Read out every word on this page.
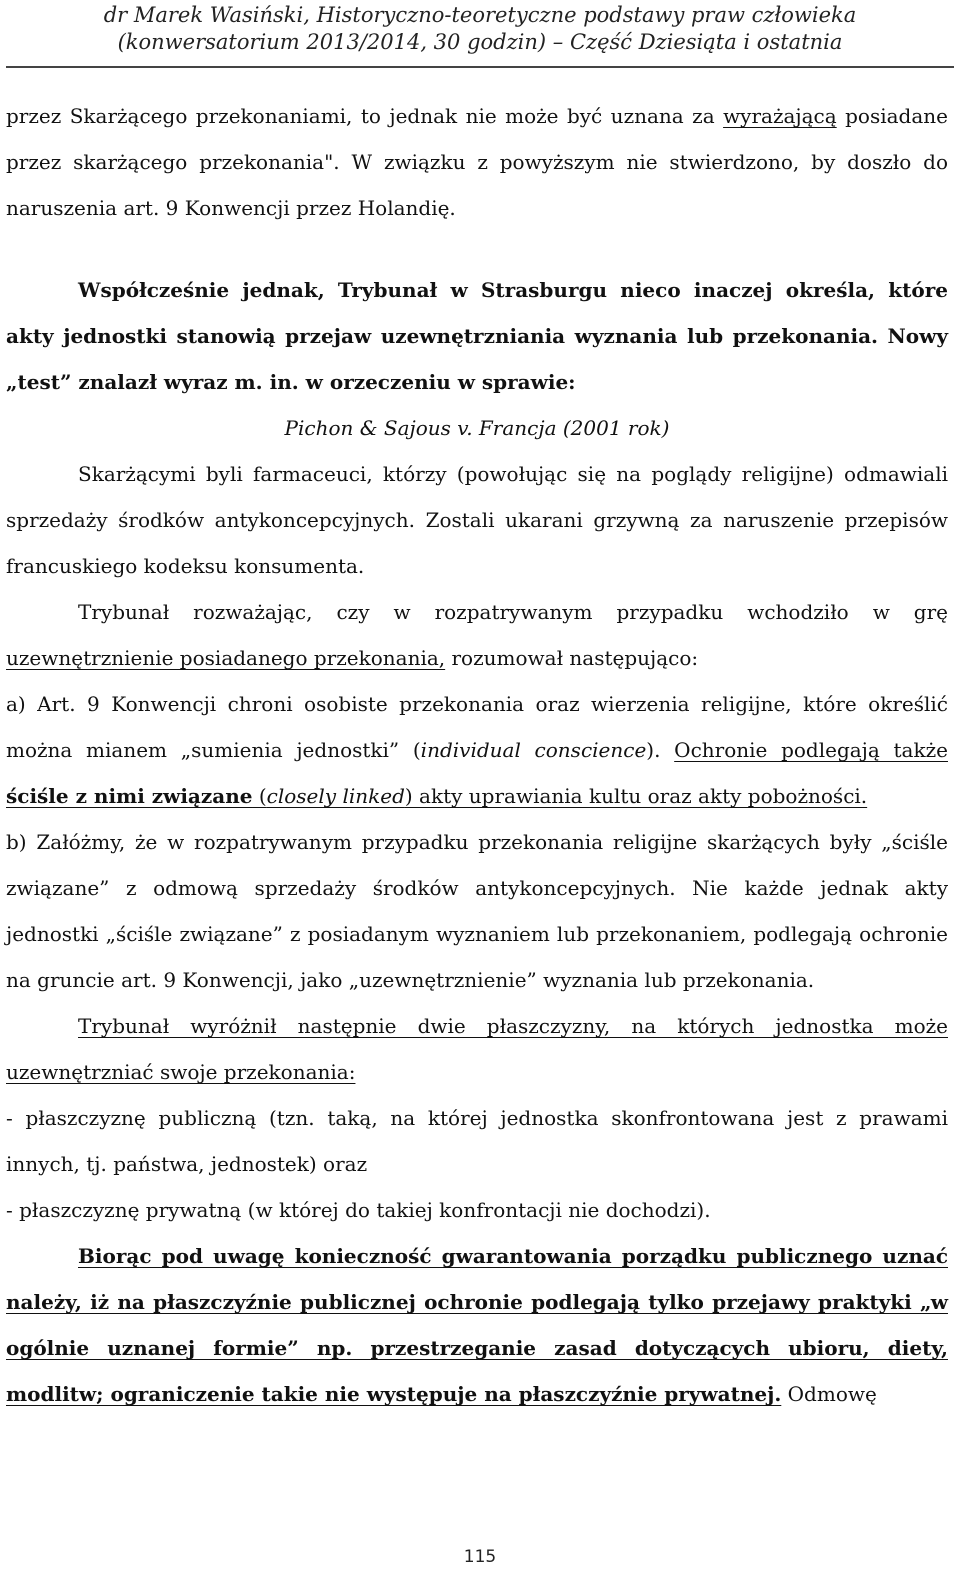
dr Marek Wasiński, Historyczno-teoretyczne podstawy praw człowieka
(konwersatorium 2013/2014, 30 godzin) – Część Dziesiąta i ostatnia

przez Skarżącego przekonaniami, to jednak nie może być uznana za wyrażającą posiadane przez skarżącego przekonania". W związku z powyższym nie stwierdzono, by doszło do naruszenia art. 9 Konwencji przez Holandię.

Współcześnie jednak, Trybunał w Strasburgu nieco inaczej określa, które akty jednostki stanowią przejaw uzewnętrzniania wyznania lub przekonania. Nowy „test” znalazł wyraz m. in. w orzeczeniu w sprawie:

Pichon & Sajous v. Francja (2001 rok)

Skarżącymi byli farmaceuci, którzy (powołując się na poglądy religijne) odmawiali sprzedaży środków antykoncepcyjnych. Zostali ukarani grzywną za naruszenie przepisów francuskiego kodeksu konsumenta.

Trybunał rozważając, czy w rozpatrywanym przypadku wchodziło w grę uzewnętrznienie posiadanego przekonania, rozumował następująco:

a) Art. 9 Konwencji chroni osobiste przekonania oraz wierzenia religijne, które określić można mianem „sumienia jednostki” (individual conscience). Ochronie podlegają także ściśle z nimi związane (closely linked) akty uprawiania kultu oraz akty pobożności.

b) Załóżmy, że w rozpatrywanym przypadku przekonania religijne skarżących były „ściśle związane” z odmową sprzedaży środków antykoncepcyjnych. Nie każde jednak akty jednostki „ściśle związane” z posiadanym wyznaniem lub przekonaniem, podlegają ochronie na gruncie art. 9 Konwencji, jako „uzewnętrznienie” wyznania lub przekonania.

Trybunał wyróżnił następnie dwie płaszczyzny, na których jednostka może uzewnętrzniać swoje przekonania:

- płaszczyznę publiczną (tzn. taką, na której jednostka skonfrontowana jest z prawami innych, tj. państwa, jednostek) oraz

- płaszczyznę prywatną (w której do takiej konfrontacji nie dochodzi).

Biorąc pod uwagę konieczność gwarantowania porządku publicznego uznać należy, iż na płaszczyźnie publicznej ochronie podlegają tylko przejawy praktyki „w ogólnie uznanej formie” np. przestrzeganie zasad dotyczących ubioru, diety, modlitw; ograniczenie takie nie występuje na płaszczyźnie prywatnej. Odmowę

115
